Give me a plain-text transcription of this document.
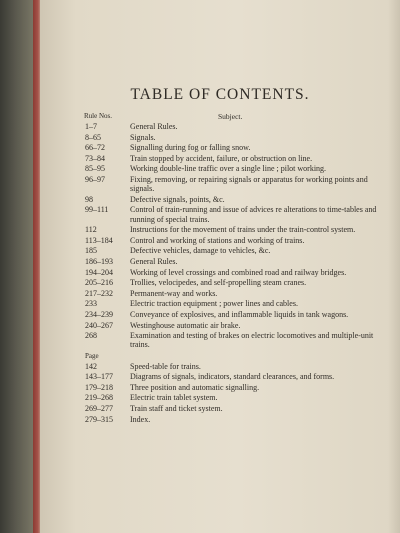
TABLE OF CONTENTS.
Rule Nos.	Subject.
1–7	General Rules.
8–65	Signals.
66–72	Signalling during fog or falling snow.
73–84	Train stopped by accident, failure, or obstruction on line.
85–95	Working double-line traffic over a single line ; pilot working.
96–97	Fixing, removing, or repairing signals or apparatus for working points and signals.
98	Defective signals, points, &c.
99–111	Control of train-running and issue of advices re alterations to time-tables and running of special trains.
112	Instructions for the movement of trains under the train-control system.
113–184	Control and working of stations and working of trains.
185	Defective vehicles, damage to vehicles, &c.
186–193	General Rules.
194–204	Working of level crossings and combined road and railway bridges.
205–216	Trollies, velocipedes, and self-propelling steam cranes.
217–232	Permanent-way and works.
233	Electric traction equipment ; power lines and cables.
234–239	Conveyance of explosives, and inflammable liquids in tank wagons.
240–267	Westinghouse automatic air brake.
268	Examination and testing of brakes on electric locomotives and multiple-unit trains.
Page
142	Speed-table for trains.
143–177	Diagrams of signals, indicators, standard clearances, and forms.
179–218	Three position and automatic signalling.
219–268	Electric train tablet system.
269–277	Train staff and ticket system.
279–315	Index.
